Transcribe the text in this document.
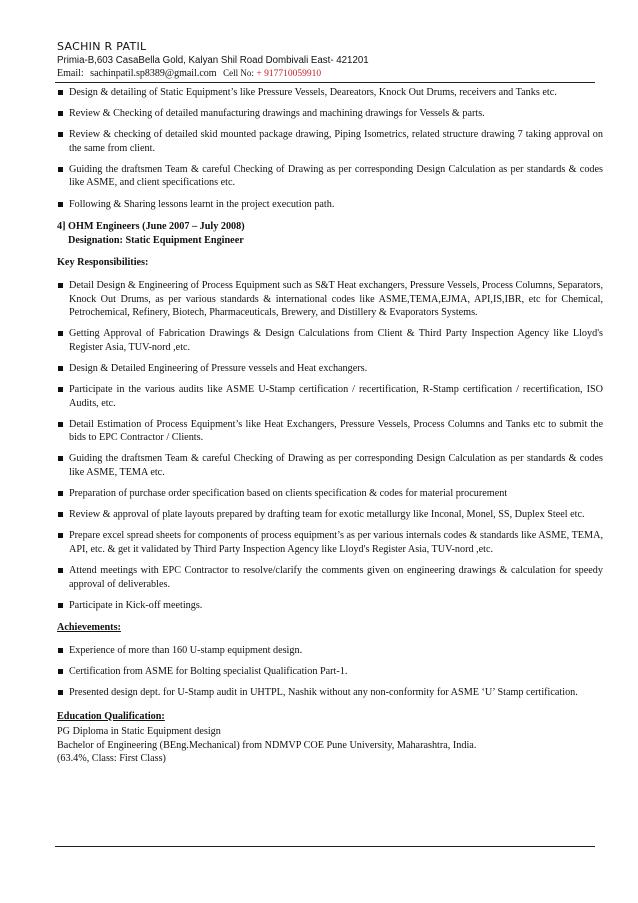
SACHIN R PATIL
Primia-B,603 CasaBella Gold, Kalyan Shil Road Dombivali East- 421201
Email: sachinpatil.sp8389@gmail.com Cell No: + 917710059910
Design & detailing of Static Equipment’s like Pressure Vessels, Deareators, Knock Out Drums, receivers and Tanks etc.
Review & Checking of detailed manufacturing drawings and machining drawings for Vessels & parts.
Review & checking of detailed skid mounted package drawing, Piping Isometrics, related structure drawing 7 taking approval on the same from client.
Guiding the draftsmen Team & careful Checking of Drawing as per corresponding Design Calculation as per standards & codes like ASME, and client specifications etc.
Following & Sharing lessons learnt in the project execution path.
4] OHM Engineers (June 2007 – July 2008)
Designation: Static Equipment Engineer
Key Responsibilities:
Detail Design & Engineering of Process Equipment such as S&T Heat exchangers, Pressure Vessels, Process Columns, Separators, Knock Out Drums, as per various standards & international codes like ASME,TEMA,EJMA, API,IS,IBR, etc for Chemical, Petrochemical, Refinery, Biotech, Pharmaceuticals, Brewery, and Distillery & Evaporators Systems.
Getting Approval of Fabrication Drawings & Design Calculations from Client & Third Party Inspection Agency like Lloyd's Register Asia, TUV-nord ,etc.
Design & Detailed Engineering of Pressure vessels and Heat exchangers.
Participate in the various audits like ASME U-Stamp certification / recertification, R-Stamp certification / recertification, ISO Audits, etc.
Detail Estimation of Process Equipment’s like Heat Exchangers, Pressure Vessels, Process Columns and Tanks etc to submit the bids to EPC Contractor / Clients.
Guiding the draftsmen Team & careful Checking of Drawing as per corresponding Design Calculation as per standards & codes like ASME, TEMA etc.
Preparation of purchase order specification based on clients specification & codes for material procurement
Review & approval of plate layouts prepared by drafting team for exotic metallurgy like Inconal, Monel, SS, Duplex Steel etc.
Prepare excel spread sheets for components of process equipment’s as per various internals codes & standards like ASME, TEMA, API, etc. & get it validated by Third Party Inspection Agency like Lloyd's Register Asia, TUV-nord ,etc.
Attend meetings with EPC Contractor to resolve/clarify the comments given on engineering drawings & calculation for speedy approval of deliverables.
Participate in Kick-off meetings.
Achievements:
Experience of more than 160 U-stamp equipment design.
Certification from ASME for Bolting specialist Qualification Part-1.
Presented design dept. for U-Stamp audit in UHTPL, Nashik without any non-conformity for ASME ‘U’ Stamp certification.
Education Qualification:
PG Diploma in Static Equipment design
Bachelor of Engineering (BEng.Mechanical) from NDMVP COE Pune University, Maharashtra, India.
(63.4%, Class: First Class)
